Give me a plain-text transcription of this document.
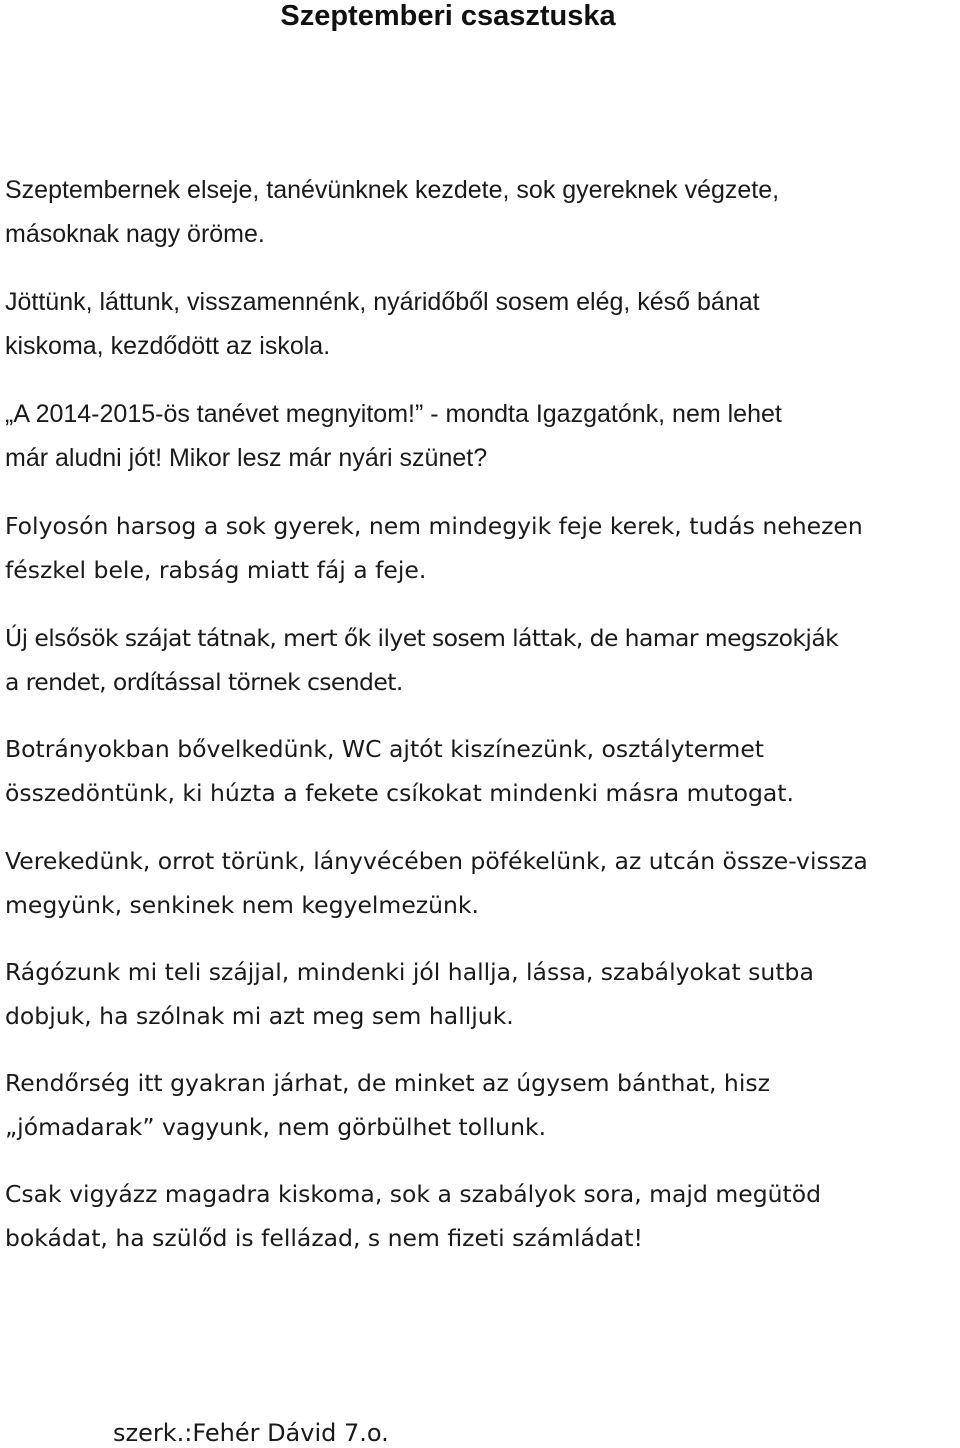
Szeptemberi csasztuska

Szeptembernek elseje, tanévünknek kezdete, sok gyereknek végzete,
másoknak nagy öröme.

Jöttünk, láttunk, visszamennénk, nyáridőből sosem elég, késő bánat
kiskoma, kezdődött az iskola.

„A 2014-2015-ös tanévet megnyitom!” - mondta Igazgatónk, nem lehet
már aludni jót! Mikor lesz már nyári szünet?

Folyosón harsog a sok gyerek, nem mindegyik feje kerek, tudás nehezen
fészkel bele, rabság miatt fáj a feje.

Új elsősök szájat tátnak, mert ők ilyet sosem láttak, de hamar megszokják
a rendet, ordítással törnek csendet.

Botrányokban bővelkedünk, WC ajtót kiszínezünk, osztálytermet
összedöntünk, ki húzta a fekete csíkokat mindenki másra mutogat.

Verekedünk, orrot törünk, lányvécében pöfékelünk, az utcán össze-vissza
megyünk, senkinek nem kegyelmezünk.

Rágózunk mi teli szájjal, mindenki jól hallja, lássa, szabályokat sutba
dobjuk, ha szólnak mi azt meg sem halljuk.

Rendőrség itt gyakran járhat, de minket az úgysem bánthat, hisz
„jómadarak” vagyunk, nem görbülhet tollunk.

Csak vigyázz magadra kiskoma, sok a szabályok sora, majd megütöd
bokádat, ha szülőd is fellázad, s nem fizeti számládat!

szerk.:Fehér Dávid 7.o.
